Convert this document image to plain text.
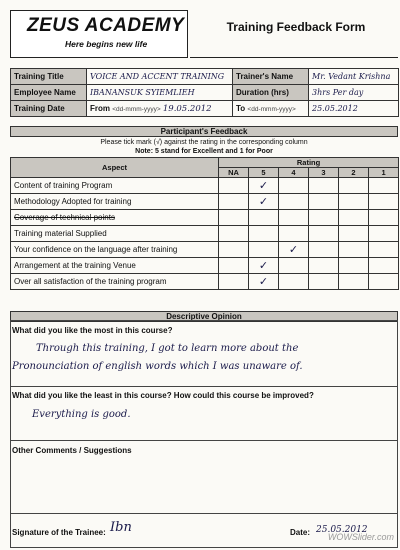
ZEUS ACADEMY
Here begins new life
Training Feedback Form
Training Title	VOICE AND ACCENT TRAINING	Trainer's Name	Mr. Vedant Krishna
Employee Name	IBANANSUK SYIEMLIEH	Duration (hrs)	3hrs Per day
Training Date	From <dd-mmm-yyyy> 19.05.2012	To <dd-mmm-yyyy>	25.05.2012
Participant's Feedback
Please tick mark (√) against the rating in the corresponding column
Note: 5 stand for Excellent and 1 for Poor
Aspect	Rating					
	NA	5	4	3	2	1
Content of training Program		✓				
Methodology Adopted for training		✓				
Coverage of technical points						
Training material Supplied						
Your confidence on the language after training			✓			
Arrangement at the training Venue		✓				
Over all satisfaction of the training program		✓				
Descriptive Opinion
What did you like the most in this course?
Through this training, I got to learn more about the
Pronounciation of english words which I was unaware of.
What did you like the least in this course? How could this course be improved?
Everything is good.
Other Comments / Suggestions
Signature of the Trainee: Ibn	Date: 25.05.2012
WOWSlider.com
